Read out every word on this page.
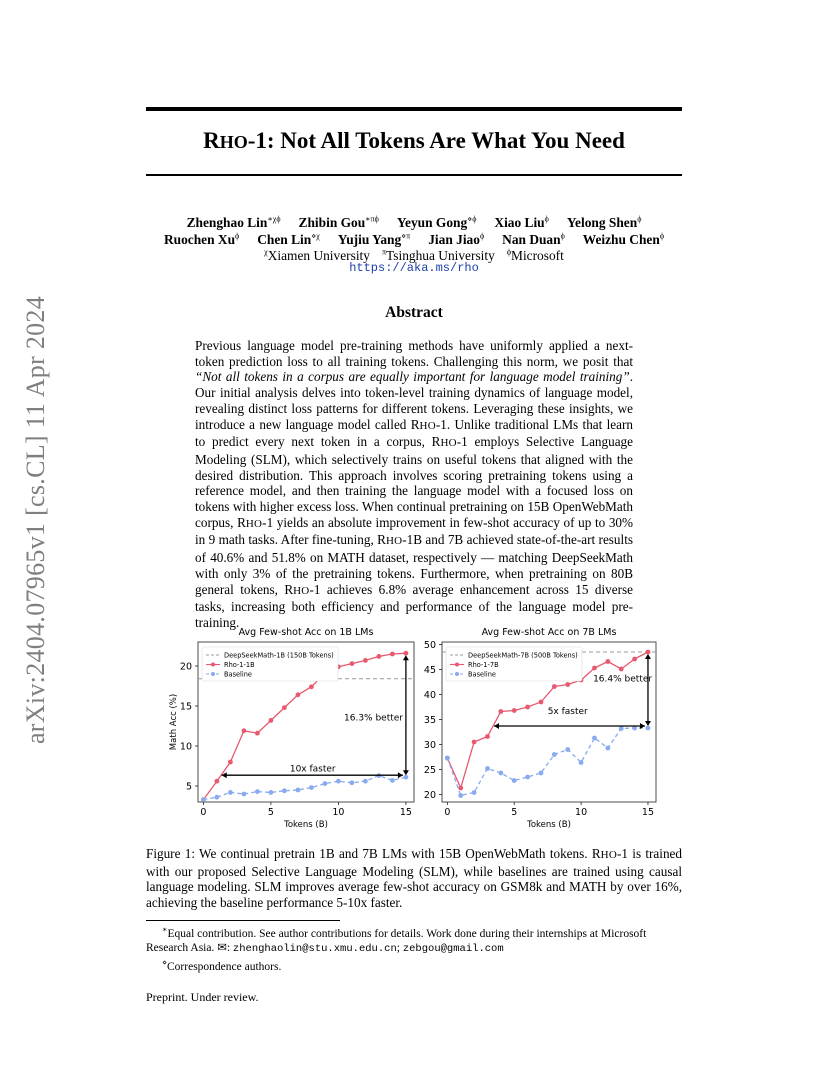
arXiv:2404.07965v1 [cs.CL] 11 Apr 2024
RHO-1: Not All Tokens Are What You Need
Zhenghao Lin$^{∗\chi\phi}$ Zhibin Gou$^{∗\pi\phi}$ Yeyun Gong$^{⋄\phi}$ Xiao Liu$^\phi$ Yelong Shen$^\phi$
Ruochen $Xu^\phi$ Chen Lin$^{⋄\chi}$ Yujiu Yang$^{⋄\pi}$ Jian Jiao$^\phi$ Nan Duan$^\phi$ Weizhu Chen$^\phi$
$^\chi$Xiamen University $^\pi$Tsinghua University $^\phi$Microsoft
https://aka.ms/rho
Abstract
Previous language model pre-training methods have uniformly applied a next-token prediction loss to all training tokens. Challenging this norm, we posit that “Not all tokens in a corpus are equally important for language model training”. Our initial analysis delves into token-level training dynamics of language model, revealing distinct loss patterns for different tokens. Leveraging these insights, we introduce a new language model called RHO-1. Unlike traditional LMs that learn to predict every next token in a corpus, RHO-1 employs Selective Language Modeling (SLM), which selectively trains on useful tokens that aligned with the desired distribution. This approach involves scoring pretraining tokens using a reference model, and then training the language model with a focused loss on tokens with higher excess loss. When continual pretraining on 15B OpenWebMath corpus, RHO-1 yields an absolute improvement in few-shot accuracy of up to 30% in 9 math tasks. After fine-tuning, RHO-1B and 7B achieved state-of-the-art results of 40.6% and 51.8% on MATH dataset, respectively — matching DeepSeekMath with only 3% of the pretraining tokens. Furthermore, when pretraining on 80B general tokens, RHO-1 achieves 6.8% average enhancement across 15 diverse tasks, increasing both efficiency and performance of the language model pre-training.
Avg Few-shot Acc on 1B LMs
0	5	10	15
5
10
15
20
Tokens (B)
Math Acc (%)	16.3% better
10x faster
DeepSeekMath-1B (150B Tokens)
Rho-1-1B
Baseline
Avg Few-shot Acc on 7B LMs
0	5	10	15
20
25
30
35
40
45
50
Tokens (B)
16.4% better
5x faster
DeepSeekMath-7B (500B Tokens)
Rho-1-7B
Baseline
Figure 1: We continual pretrain 1B and 7B LMs with 15B OpenWebMath tokens. RHO-1 is trained with our proposed Selective Language Modeling (SLM), while baselines are trained using causal language modeling. SLM improves average few-shot accuracy on GSM8k and MATH by over 16%, achieving the baseline performance 5-10x faster.
∗Equal contribution. See author contributions for details. Work done during their internships at Microsoft Research Asia. ✉: zhenghaolin@stu.xmu.edu.cn; zebgou@gmail.com
⋄Correspondence authors.
Preprint. Under review.
